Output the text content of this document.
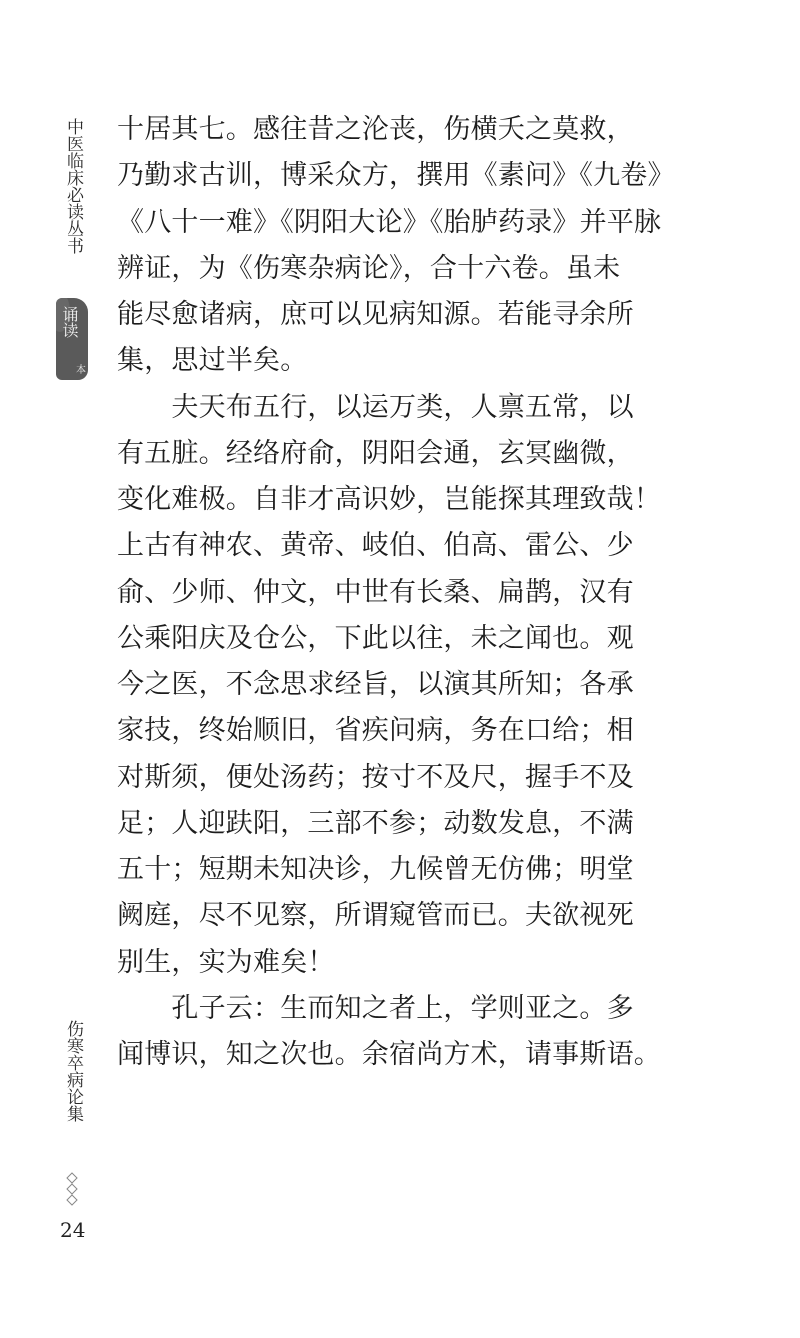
中医临床必读丛书
诵读
本
伤寒卒病论集
24
十居其七。感往昔之沦丧，伤横夭之莫救，
乃勤求古训，博采众方，撰用《素问》《九卷》
《八十一难》《阴阳大论》《胎胪药录》并平脉
辨证，为《伤寒杂病论》，合十六卷。虽未
能尽愈诸病，庶可以见病知源。若能寻余所
集，思过半矣。
　　夫天布五行，以运万类，人禀五常，以
有五脏。经络府俞，阴阳会通，玄冥幽微，
变化难极。自非才高识妙，岂能探其理致哉！
上古有神农、黄帝、岐伯、伯高、雷公、少
俞、少师、仲文，中世有长桑、扁鹊，汉有
公乘阳庆及仓公，下此以往，未之闻也。观
今之医，不念思求经旨，以演其所知；各承
家技，终始顺旧，省疾问病，务在口给；相
对斯须，便处汤药；按寸不及尺，握手不及
足；人迎趺阳，三部不参；动数发息，不满
五十；短期未知决诊，九候曾无仿佛；明堂
阙庭，尽不见察，所谓窥管而已。夫欲视死
别生，实为难矣！
　　孔子云：生而知之者上，学则亚之。多
闻博识，知之次也。余宿尚方术，请事斯语。
